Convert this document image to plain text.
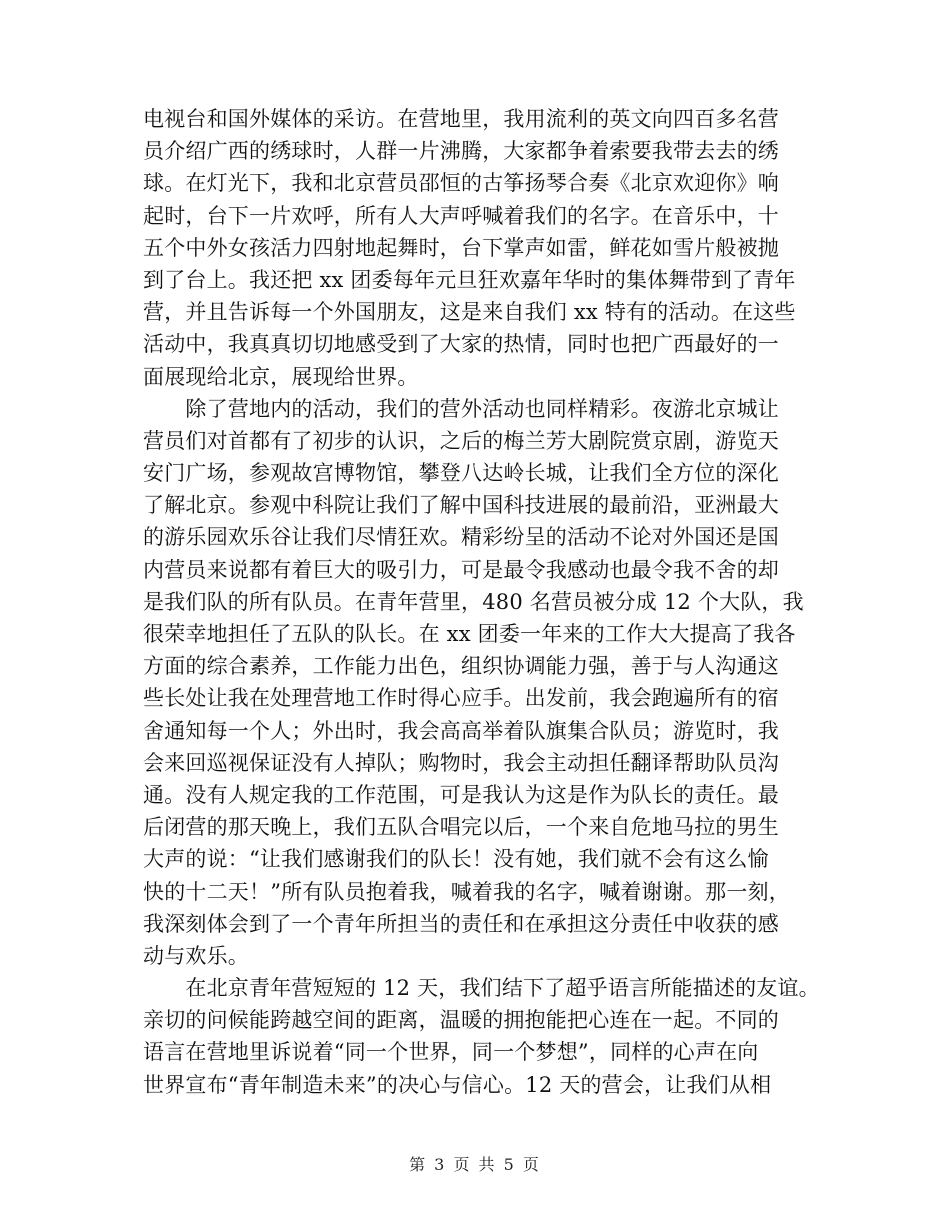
电视台和国外媒体的采访。在营地里，我用流利的英文向四百多名营
员介绍广西的绣球时，人群一片沸腾，大家都争着索要我带去去的绣
球。在灯光下，我和北京营员邵恒的古筝扬琴合奏《北京欢迎你》响
起时，台下一片欢呼，所有人大声呼喊着我们的名字。在音乐中，十
五个中外女孩活力四射地起舞时，台下掌声如雷，鲜花如雪片般被抛
到了台上。我还把 xx 团委每年元旦狂欢嘉年华时的集体舞带到了青年
营，并且告诉每一个外国朋友，这是来自我们 xx 特有的活动。在这些
活动中，我真真切切地感受到了大家的热情，同时也把广西最好的一
面展现给北京，展现给世界。
　　除了营地内的活动，我们的营外活动也同样精彩。夜游北京城让
营员们对首都有了初步的认识，之后的梅兰芳大剧院赏京剧，游览天
安门广场，参观故宫博物馆，攀登八达岭长城，让我们全方位的深化
了解北京。参观中科院让我们了解中国科技进展的最前沿，亚洲最大
的游乐园欢乐谷让我们尽情狂欢。精彩纷呈的活动不论对外国还是国
内营员来说都有着巨大的吸引力，可是最令我感动也最令我不舍的却
是我们队的所有队员。在青年营里，480 名营员被分成 12 个大队，我
很荣幸地担任了五队的队长。在 xx 团委一年来的工作大大提高了我各
方面的综合素养，工作能力出色，组织协调能力强，善于与人沟通这
些长处让我在处理营地工作时得心应手。出发前，我会跑遍所有的宿
舍通知每一个人；外出时，我会高高举着队旗集合队员；游览时，我
会来回巡视保证没有人掉队；购物时，我会主动担任翻译帮助队员沟
通。没有人规定我的工作范围，可是我认为这是作为队长的责任。最
后闭营的那天晚上，我们五队合唱完以后，一个来自危地马拉的男生
大声的说：“让我们感谢我们的队长！没有她，我们就不会有这么愉
快的十二天！”所有队员抱着我，喊着我的名字，喊着谢谢。那一刻，
我深刻体会到了一个青年所担当的责任和在承担这分责任中收获的感
动与欢乐。
　　在北京青年营短短的 12 天，我们结下了超乎语言所能描述的友谊。
亲切的问候能跨越空间的距离，温暖的拥抱能把心连在一起。不同的
语言在营地里诉说着“同一个世界，同一个梦想”，同样的心声在向
世界宣布“青年制造未来”的决心与信心。12 天的营会，让我们从相
第 3 页 共 5 页
